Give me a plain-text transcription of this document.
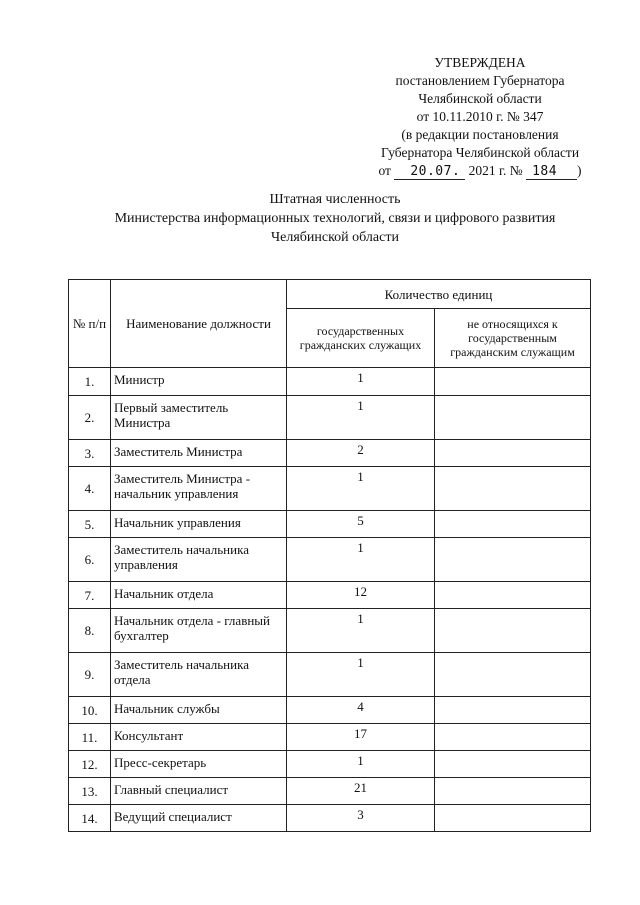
УТВЕРЖДЕНА
постановлением Губернатора
Челябинской области
от 10.11.2010 г. № 347
(в редакции постановления
Губернатора Челябинской области
от 20.07. 2021 г. № 184 )
Штатная численность
Министерства информационных технологий, связи и цифрового развития
Челябинской области
№ п/п	Наименование должности	Количество единиц	
		государственных гражданских служащих	не относящихся к государственным гражданским служащим
1.	Министр	1	
2.	Первый заместитель Министра	1	
3.	Заместитель Министра	2	
4.	Заместитель Министра - начальник управления	1	
5.	Начальник управления	5	
6.	Заместитель начальника управления	1	
7.	Начальник отдела	12	
8.	Начальник отдела - главный бухгалтер	1	
9.	Заместитель начальника отдела	1	
10.	Начальник службы	4	
11.	Консультант	17	
12.	Пресс-секретарь	1	
13.	Главный специалист	21	
14.	Ведущий специалист	3	
